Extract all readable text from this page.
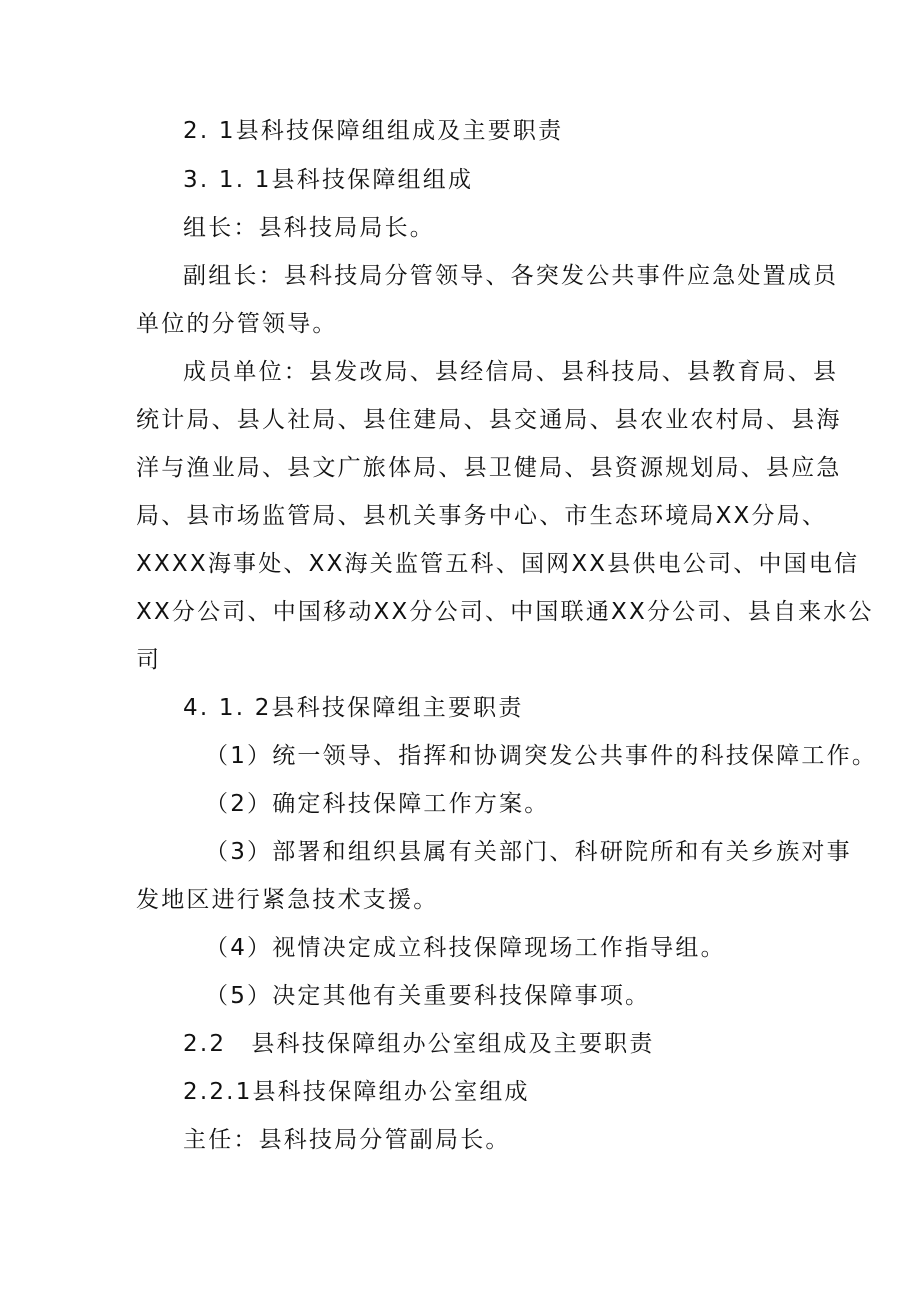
2. 1县科技保障组组成及主要职责
3. 1. 1县科技保障组组成
组长：县科技局局长。
副组长：县科技局分管领导、各突发公共事件应急处置成员
单位的分管领导。
成员单位：县发改局、县经信局、县科技局、县教育局、县
统计局、县人社局、县住建局、县交通局、县农业农村局、县海
洋与渔业局、县文广旅体局、县卫健局、县资源规划局、县应急
局、县市场监管局、县机关事务中心、市生态环境局XX分局、
XXXX海事处、XX海关监管五科、国网XX县供电公司、中国电信
XX分公司、中国移动XX分公司、中国联通XX分公司、县自来水公
司
4. 1. 2县科技保障组主要职责
（1）统一领导、指挥和协调突发公共事件的科技保障工作。
（2）确定科技保障工作方案。
（3）部署和组织县属有关部门、科研院所和有关乡族对事
发地区进行紧急技术支援。
（4）视情决定成立科技保障现场工作指导组。
（5）决定其他有关重要科技保障事项。
2.2　县科技保障组办公室组成及主要职责
2.2.1县科技保障组办公室组成
主任：县科技局分管副局长。
